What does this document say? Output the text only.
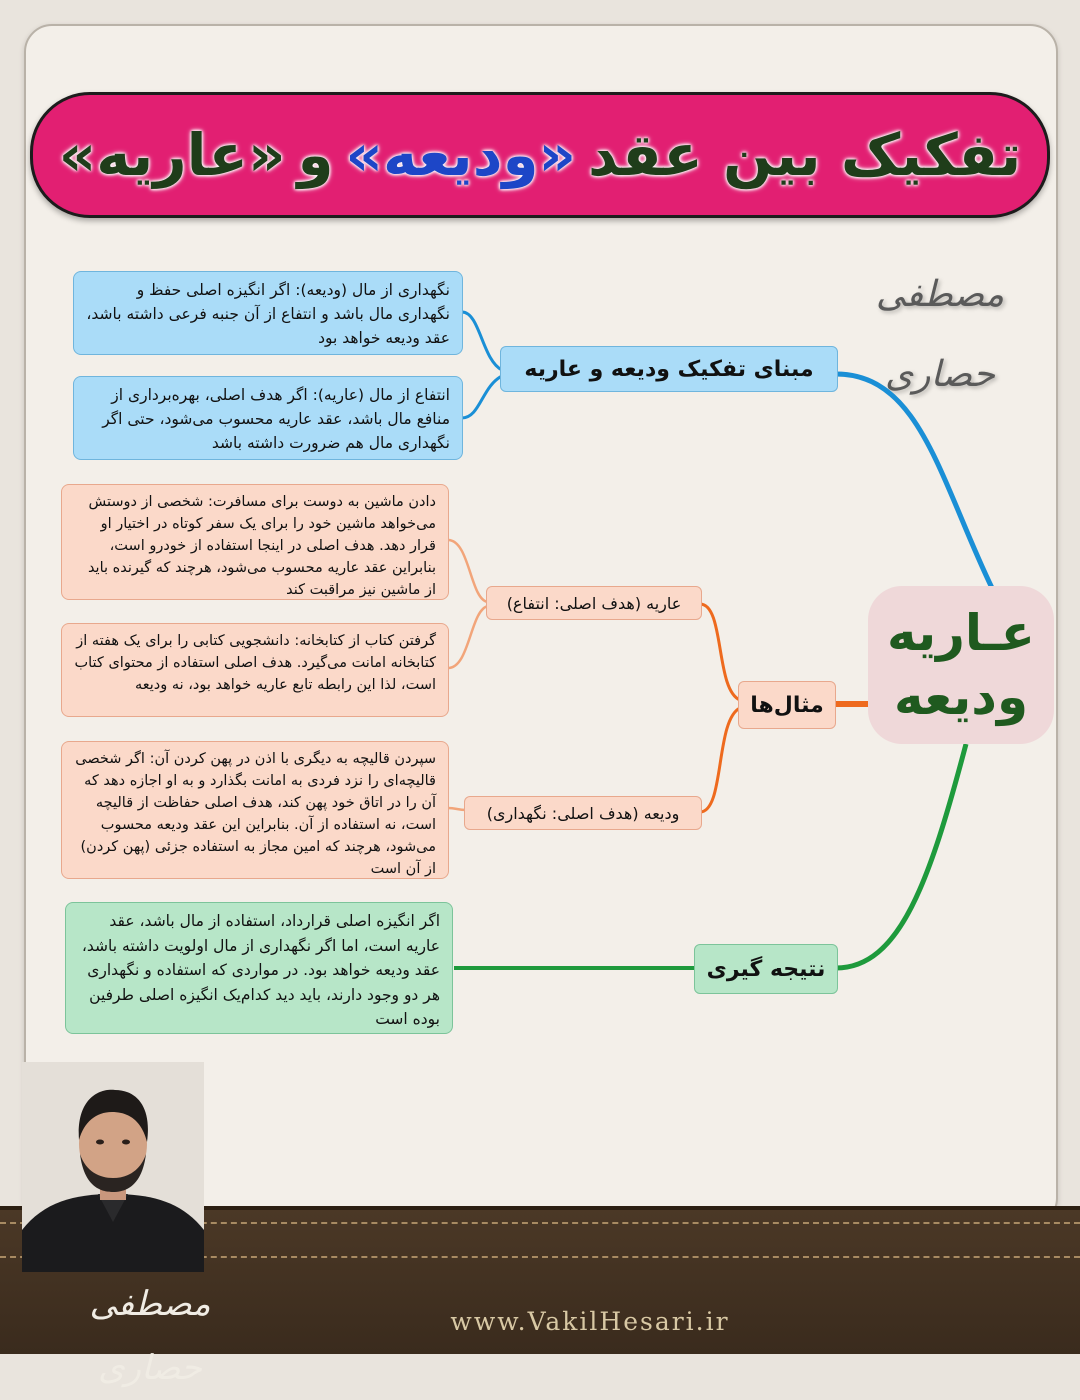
تفکیک بین عقد
«ودیعه»
و
«عاریه»
مصطفی حصاری
نگهداری از مال (ودیعه): اگر انگیزه اصلی حفظ و نگهداری مال باشد و انتفاع از آن جنبه فرعی داشته باشد، عقد ودیعه خواهد بود
انتفاع از مال (عاریه): اگر هدف اصلی، بهره‌برداری از منافع مال باشد، عقد عاریه محسوب می‌شود، حتی اگر نگهداری مال هم ضرورت داشته باشد
مبنای تفکیک ودیعه و عاریه
دادن ماشین به دوست برای مسافرت: شخصی از دوستش می‌خواهد ماشین خود را برای یک سفر کوتاه در اختیار او قرار دهد. هدف اصلی در اینجا استفاده از خودرو است، بنابراین عقد عاریه محسوب می‌شود، هرچند که گیرنده باید از ماشین نیز مراقبت کند
گرفتن کتاب از کتابخانه: دانشجویی کتابی را برای یک هفته از کتابخانه امانت می‌گیرد. هدف اصلی استفاده از محتوای کتاب است، لذا این رابطه تابع عاریه خواهد بود، نه ودیعه
سپردن قالیچه به دیگری با اذن در پهن کردن آن: اگر شخصی قالیچه‌ای را نزد فردی به امانت بگذارد و به او اجازه دهد که آن را در اتاق خود پهن کند، هدف اصلی حفاظت از قالیچه است، نه استفاده از آن. بنابراین این عقد ودیعه محسوب می‌شود، هرچند که امین مجاز به استفاده جزئی (پهن کردن) از آن است
عاریه (هدف اصلی: انتفاع)
ودیعه (هدف اصلی: نگهداری)
مثال‌ها
اگر انگیزه اصلی قرارداد، استفاده از مال باشد، عقد عاریه است، اما اگر نگهداری از مال اولویت داشته باشد، عقد ودیعه خواهد بود. در مواردی که استفاده و نگهداری هر دو وجود دارند، باید دید کدام‌یک انگیزه اصلی طرفین بوده است
نتیجه گیری
عـاریه
ودیعه
مصطفی حصاری
www.VakilHesari.ir
